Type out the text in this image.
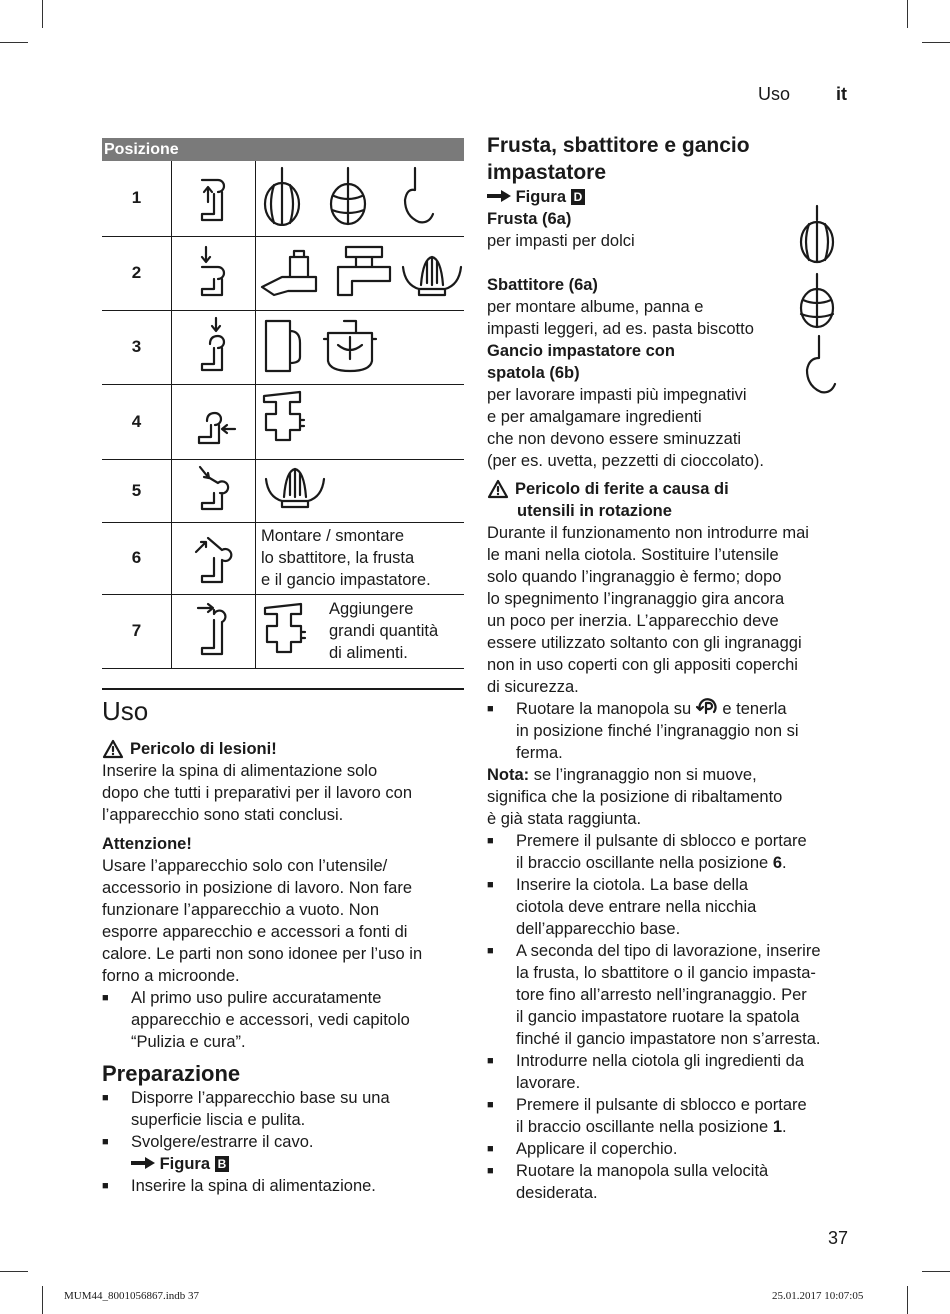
Uso	it
Posizione
1		
2		
3		
4		
5		
6		Montare / smontare
lo sbattitore, la frusta
e il gancio impastatore.

7		Aggiungere
grandi quantità
di alimenti.
Uso
Pericolo di lesioni!
Inserire la spina di alimentazione solo
dopo che tutti i preparativi per il lavoro con
l’apparecchio sono stati conclusi.
Attenzione!
Usare l’apparecchio solo con l’utensile/
accessorio in posizione di lavoro. Non fare
funzionare l’apparecchio a vuoto. Non
esporre apparecchio e accessori a fonti di
calore. Le parti non sono idonee per l’uso in
forno a microonde.
■ Al primo uso pulire accuratamente
apparecchio e accessori, vedi capitolo
“Pulizia e cura”.
Preparazione
■ Disporre l’apparecchio base su una
superficie liscia e pulita.
■ Svolgere/estrarre il cavo.
Figura B
■ Inserire la spina di alimentazione.
Frusta, sbattitore e gancio
impastatore
Figura D
Frusta (6a)
per impasti per dolci
Sbattitore (6a)
per montare albume, panna e
impasti leggeri, ad es. pasta biscotto
Gancio impastatore con
spatola (6b)
per lavorare impasti più impegnativi
e per amalgamare ingredienti
che non devono essere sminuzzati
(per es. uvetta, pezzetti di cioccolato).
Pericolo di ferite a causa di
utensili in rotazione
Durante il funzionamento non introdurre mai
le mani nella ciotola. Sostituire l’utensile
solo quando l’ingranaggio è fermo; dopo
lo spegnimento l’ingranaggio gira ancora
un poco per inerzia. L’apparecchio deve
essere utilizzato soltanto con gli ingranaggi
non in uso coperti con gli appositi coperchi
di sicurezza.
■ Ruotare la manopola su e tenerla
in posizione finché l’ingranaggio non si
ferma.
Nota: se l’ingranaggio non si muove,
significa che la posizione di ribaltamento
è già stata raggiunta.
■ Premere il pulsante di sblocco e portare
il braccio oscillante nella posizione 6.
■ Inserire la ciotola. La base della
ciotola deve entrare nella nicchia
dell’apparecchio base.
■ A seconda del tipo di lavorazione, inserire
la frusta, lo sbattitore o il gancio impasta-
tore fino all’arresto nell’ingranaggio. Per
il gancio impastatore ruotare la spatola
finché il gancio impastatore non s’arresta.
■ Introdurre nella ciotola gli ingredienti da
lavorare.
■ Premere il pulsante di sblocco e portare
il braccio oscillante nella posizione 1.
■ Applicare il coperchio.
■ Ruotare la manopola sulla velocità
desiderata.
37
MUM44_8001056867.indb 37	25.01.2017 10:07:05
